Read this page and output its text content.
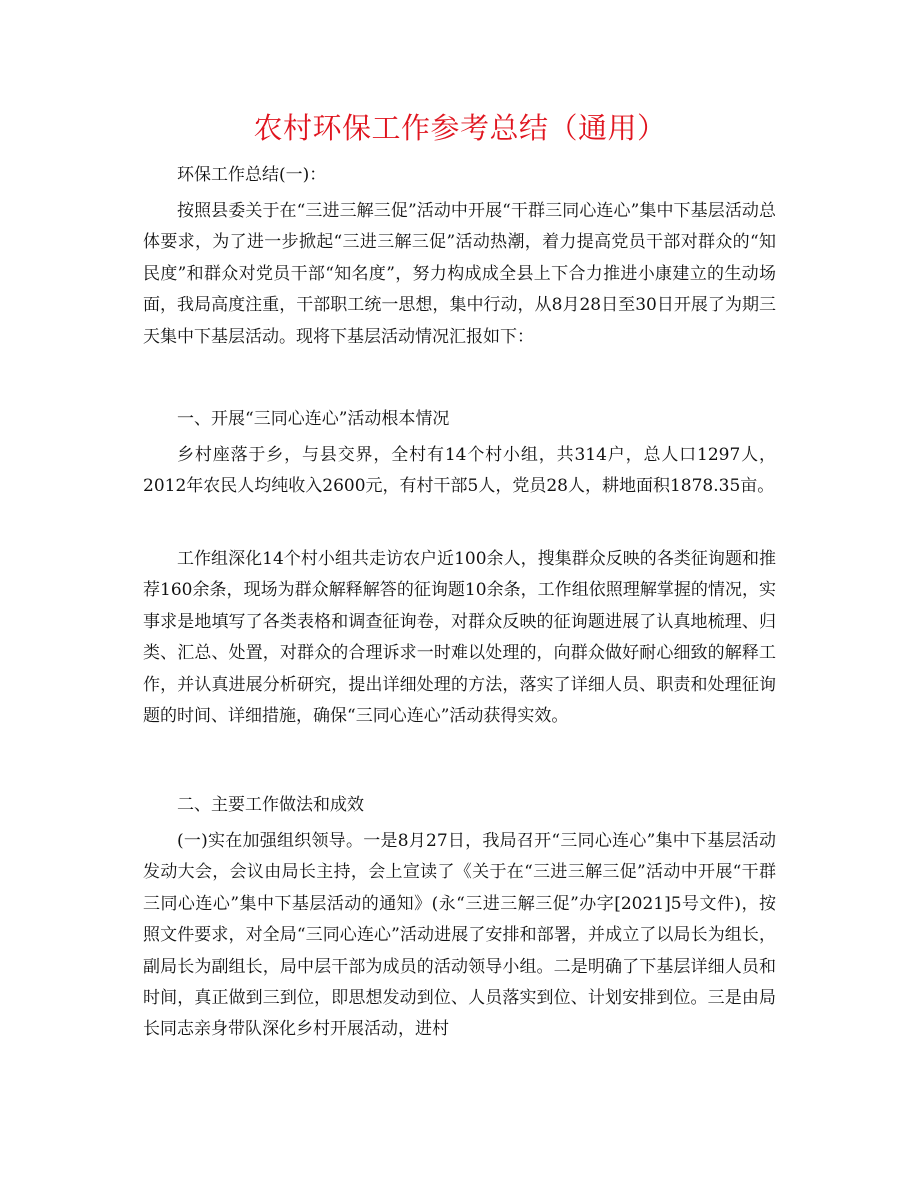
农村环保工作参考总结（通用）

环保工作总结(一)：

按照县委关于在“三进三解三促”活动中开展“干群三同心连心”集中下基层活动总体要求，为了进一步掀起“三进三解三促”活动热潮，着力提高党员干部对群众的“知民度”和群众对党员干部“知名度”，努力构成成全县上下合力推进小康建立的生动场面，我局高度注重，干部职工统一思想，集中行动，从8月28日至30日开展了为期三天集中下基层活动。现将下基层活动情况汇报如下：

一、开展“三同心连心”活动根本情况

乡村座落于乡，与县交界，全村有14个村小组，共314户，总人口1297人，2012年农民人均纯收入2600元，有村干部5人，党员28人，耕地面积1878.35亩。

工作组深化14个村小组共走访农户近100余人，搜集群众反映的各类征询题和推荐160余条，现场为群众解释解答的征询题10余条，工作组依照理解掌握的情况，实事求是地填写了各类表格和调查征询卷，对群众反映的征询题进展了认真地梳理、归类、汇总、处置，对群众的合理诉求一时难以处理的，向群众做好耐心细致的解释工作，并认真进展分析研究，提出详细处理的方法，落实了详细人员、职责和处理征询题的时间、详细措施，确保“三同心连心”活动获得实效。

二、主要工作做法和成效

(一)实在加强组织领导。一是8月27日，我局召开“三同心连心”集中下基层活动发动大会，会议由局长主持，会上宣读了《关于在“三进三解三促”活动中开展“干群三同心连心”集中下基层活动的通知》(永“三进三解三促”办字[2021]5号文件)，按照文件要求，对全局“三同心连心”活动进展了安排和部署，并成立了以局长为组长，副局长为副组长，局中层干部为成员的活动领导小组。二是明确了下基层详细人员和时间，真正做到三到位，即思想发动到位、人员落实到位、计划安排到位。三是由局长同志亲身带队深化乡村开展活动，进村
